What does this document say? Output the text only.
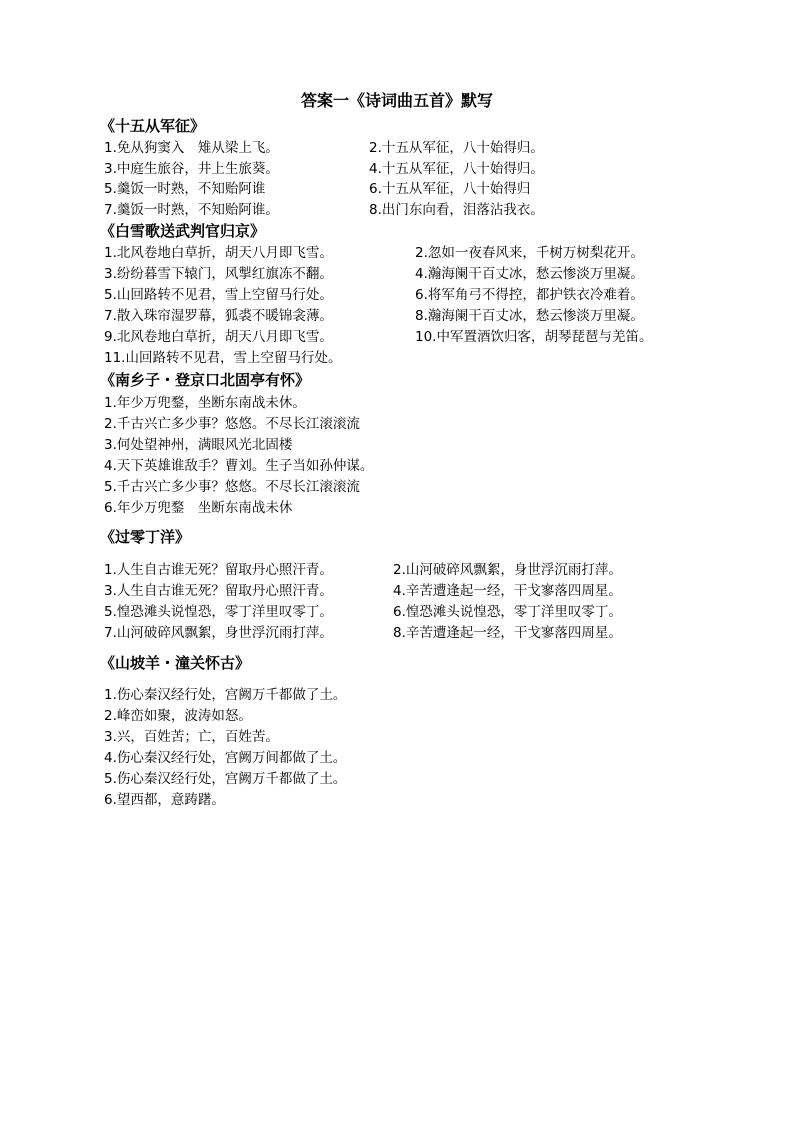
答案一《诗词曲五首》默写
《十五从军征》
1.免从狗窦入　雉从梁上飞。	2.十五从军征，八十始得归。
3.中庭生旅谷，井上生旅葵。	4.十五从军征，八十始得归。
5.羹饭一时熟，不知贻阿谁	6.十五从军征，八十始得归
7.羹饭一时熟，不知贻阿谁。	8.出门东向看，泪落沾我衣。
《白雪歌送武判官归京》
1.北风卷地白草折，胡天八月即飞雪。	2.忽如一夜春风来，千树万树梨花开。
3.纷纷暮雪下辕门，风掣红旗冻不翻。	4.瀚海阑干百丈冰，愁云惨淡万里凝。
5.山回路转不见君，雪上空留马行处。	6.将军角弓不得控，都护铁衣冷难着。
7.散入珠帘湿罗幕，狐裘不暖锦衾薄。	8.瀚海阑干百丈冰，愁云惨淡万里凝。
9.北风卷地白草折，胡天八月即飞雪。	10.中军置酒饮归客，胡琴琵琶与羌笛。
11.山回路转不见君，雪上空留马行处。
《南乡子・登京口北固亭有怀》
1.年少万兜鍪，坐断东南战未休。
2.千古兴亡多少事？悠悠。不尽长江滚滚流
3.何处望神州，满眼风光北固楼
4.天下英雄谁敌手？曹刘。生子当如孙仲谋。
5.千古兴亡多少事？悠悠。不尽长江滚滚流
6.年少万兜鍪　坐断东南战未休
《过零丁洋》
1.人生自古谁无死？留取丹心照汗青。	2.山河破碎风飘絮，身世浮沉雨打萍。
3.人生自古谁无死？留取丹心照汗青。	4.辛苦遭逢起一经，干戈寥落四周星。
5.惶恐滩头说惶恐，零丁洋里叹零丁。	6.惶恐滩头说惶恐，零丁洋里叹零丁。
7.山河破碎风飘絮，身世浮沉雨打萍。	8.辛苦遭逢起一经，干戈寥落四周星。
《山坡羊・潼关怀古》
1.伤心秦汉经行处，宫阙万千都做了土。
2.峰峦如聚，波涛如怒。
3.兴，百姓苦；亡，百姓苦。
4.伤心秦汉经行处，宫阙万间都做了土。
5.伤心秦汉经行处，宫阙万千都做了土。
6.望西都，意踌躇。
